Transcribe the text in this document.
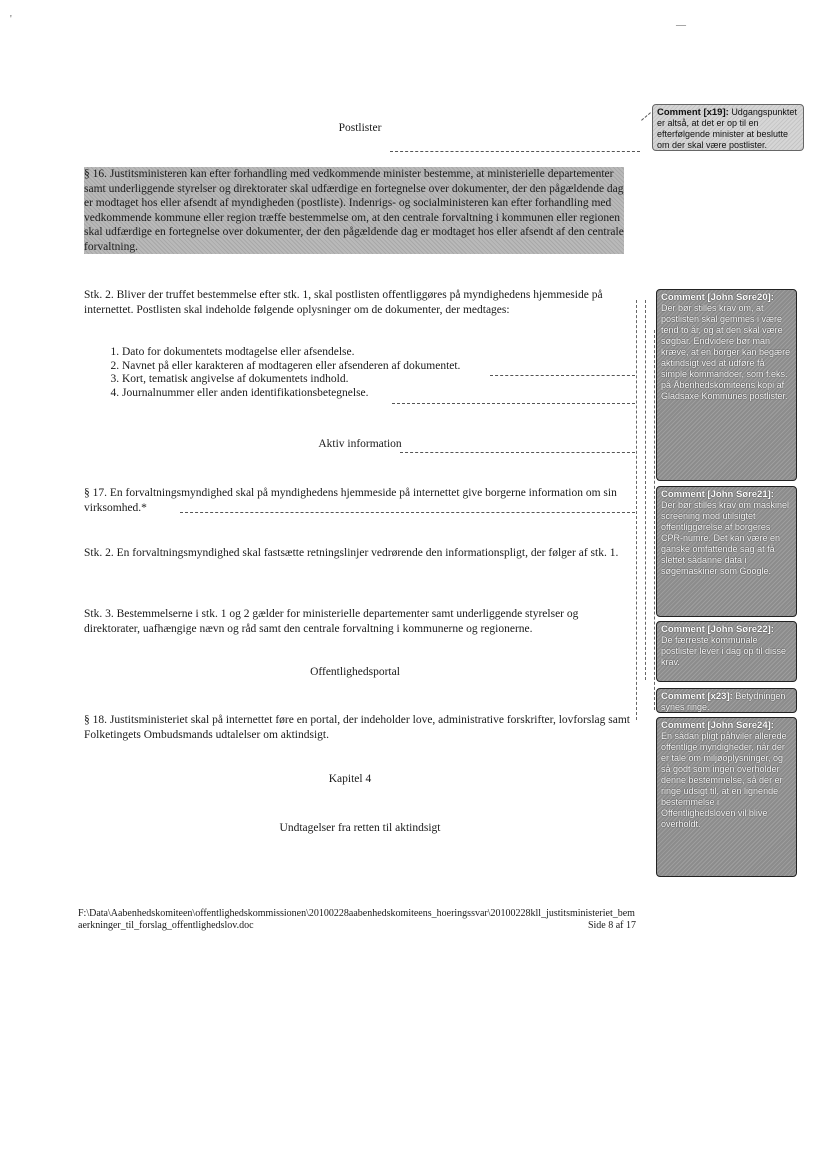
'
—
Postlister
§ 16. Justitsministeren kan efter forhandling med vedkommende minister bestemme, at ministerielle departementer samt underliggende styrelser og direktorater skal udfærdige en fortegnelse over dokumenter, der den pågældende dag er modtaget hos eller afsendt af myndigheden (postliste). Indenrigs- og socialministeren kan efter forhandling med vedkommende kommune eller region træffe bestemmelse om, at den centrale forvaltning i kommunen eller regionen skal udfærdige en fortegnelse over dokumenter, der den pågældende dag er modtaget hos eller afsendt af den centrale forvaltning.
Stk. 2. Bliver der truffet bestemmelse efter stk. 1, skal postlisten offentliggøres på myndighedens hjemmeside på internettet. Postlisten skal indeholde følgende oplysninger om de dokumenter, der medtages:
1. Dato for dokumentets modtagelse eller afsendelse.
2. Navnet på eller karakteren af modtageren eller afsenderen af dokumentet.
3. Kort, tematisk angivelse af dokumentets indhold.
4. Journalnummer eller anden identifikationsbetegnelse.
Aktiv information
§ 17. En forvaltningsmyndighed skal på myndighedens hjemmeside på internettet give borgerne information om sin virksomhed.*
Stk. 2. En forvaltningsmyndighed skal fastsætte retningslinjer vedrørende den informationspligt, der følger af stk. 1.
Stk. 3. Bestemmelserne i stk. 1 og 2 gælder for ministerielle departementer samt underliggende styrelser og direktorater, uafhængige nævn og råd samt den centrale forvaltning i kommunerne og regionerne.
Offentlighedsportal
§ 18. Justitsministeriet skal på internettet føre en portal, der indeholder love, administrative forskrifter, lovforslag samt Folketingets Ombudsmands udtalelser om aktindsigt.
Kapitel 4
Undtagelser fra retten til aktindsigt
F:\Data\Aabenhedskomiteen\offentlighedskommissionen\20100228aabenhedskomiteens_hoeringssvar\20100228kll_justitsministeriet_bemaerkninger_til_forslag_offentlighedslov.doc	Side 8 af 17
Comment [x19]: Udgangspunktet er altså, at det er op til en efterfølgende minister at beslutte om der skal være postlister.
Comment [John Søre20]:
Der bør stilles krav om, at postlisten skal gemmes i være tend to år, og at den skal være søgbar. Endvidere bør man kræve, at en borger kan begære aktindsigt ved at udføre få simple kommandoer, som f.eks. på Åbenhedskomiteens kopi af Gladsaxe Kommunes postlister.
Comment [John Søre21]:
Der bør stilles krav om maskinel screening mod utilsigtet offentliggørelse af borgeres CPR-numre. Det kan være en ganske omfattende sag at få slettet sådanne data i søgemaskiner som Google.
Comment [John Søre22]:
De færreste kommunale postlister lever i dag op til disse krav.
Comment [x23]: Betydningen synes ringe.
Comment [John Søre24]:
En sådan pligt påhviler allerede offentlige myndigheder, når der er tale om miljøoplysninger, og så godt som ingen overholder denne bestemmelse, så der er ringe udsigt til, at en lignende bestemmelse i Offentlighedsloven vil blive overholdt.
